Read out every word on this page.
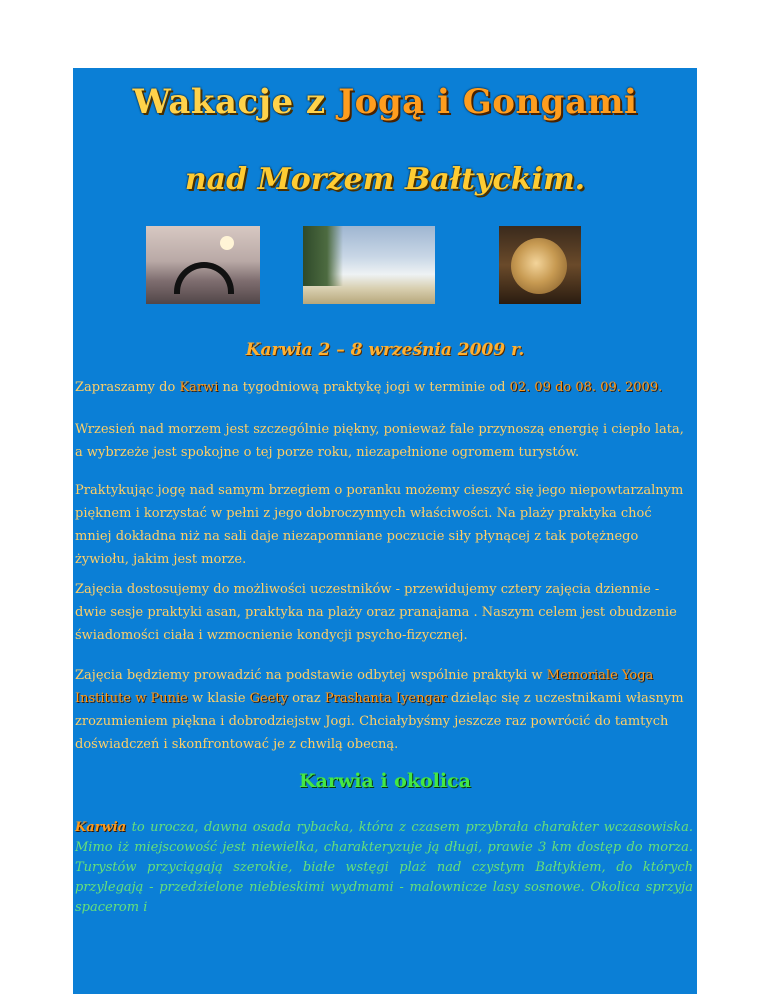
Wakacje z Jogą i Gongami
nad Morzem Bałtyckim.
Karwia 2 – 8 września 2009 r.
Zapraszamy do Karwi na tygodniową praktykę jogi w terminie od 02. 09 do 08. 09. 2009.
Wrzesień nad morzem jest szczególnie piękny, ponieważ fale przynoszą energię i ciepło lata, a wybrzeże jest spokojne o tej porze roku, niezapełnione ogromem turystów.
Praktykując jogę nad samym brzegiem o poranku możemy cieszyć się jego niepowtarzalnym pięknem i korzystać w pełni z jego dobroczynnych właściwości. Na plaży praktyka choć mniej dokładna niż na sali daje niezapomniane poczucie siły płynącej z tak potężnego żywiołu, jakim jest morze.
Zajęcia dostosujemy do możliwości uczestników - przewidujemy cztery zajęcia dziennie - dwie sesje praktyki asan, praktyka na plaży oraz pranajama . Naszym celem jest obudzenie świadomości ciała i wzmocnienie kondycji psycho-fizycznej.
Zajęcia będziemy prowadzić na podstawie odbytej wspólnie praktyki w Memoriale Yoga Institute w Punie w klasie Geety oraz Prashanta Iyengar dzieląc się z uczestnikami własnym zrozumieniem piękna i dobrodziejstw Jogi. Chciałybyśmy jeszcze raz powrócić do tamtych doświadczeń i skonfrontować je z chwilą obecną.
Karwia i okolica
Karwia to urocza, dawna osada rybacka, która z czasem przybrała charakter wczasowiska. Mimo iż miejscowość jest niewielka, charakteryzuje ją długi, prawie 3 km dostęp do morza. Turystów przyciągają szerokie, białe wstęgi plaż nad czystym Bałtykiem, do których przylegają - przedzielone niebieskimi wydmami - malownicze lasy sosnowe. Okolica sprzyja spacerom i
